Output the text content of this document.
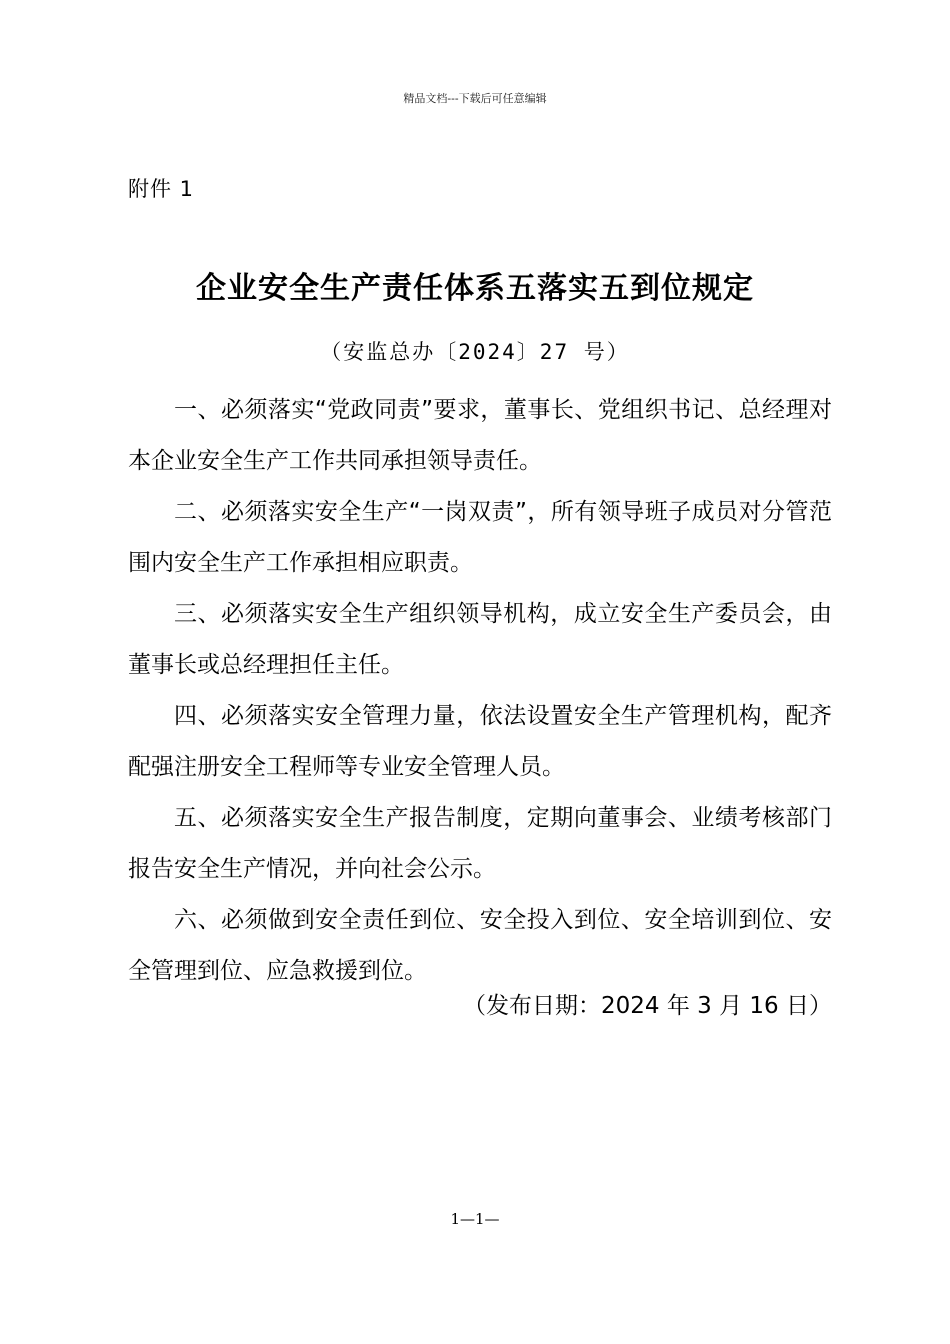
精品文档---下载后可任意编辑
附件 1
企业安全生产责任体系五落实五到位规定
（安监总办〔2024〕27 号）

一、必须落实“党政同责”要求，董事长、党组织书记、总经理对本企业安全生产工作共同承担领导责任。

二、必须落实安全生产“一岗双责”，所有领导班子成员对分管范围内安全生产工作承担相应职责。

三、必须落实安全生产组织领导机构，成立安全生产委员会，由董事长或总经理担任主任。

四、必须落实安全管理力量，依法设置安全生产管理机构，配齐配强注册安全工程师等专业安全管理人员。

五、必须落实安全生产报告制度，定期向董事会、业绩考核部门报告安全生产情况，并向社会公示。

六、必须做到安全责任到位、安全投入到位、安全培训到位、安全管理到位、应急救援到位。

（发布日期：2024 年 3 月 16 日）
1—1—
